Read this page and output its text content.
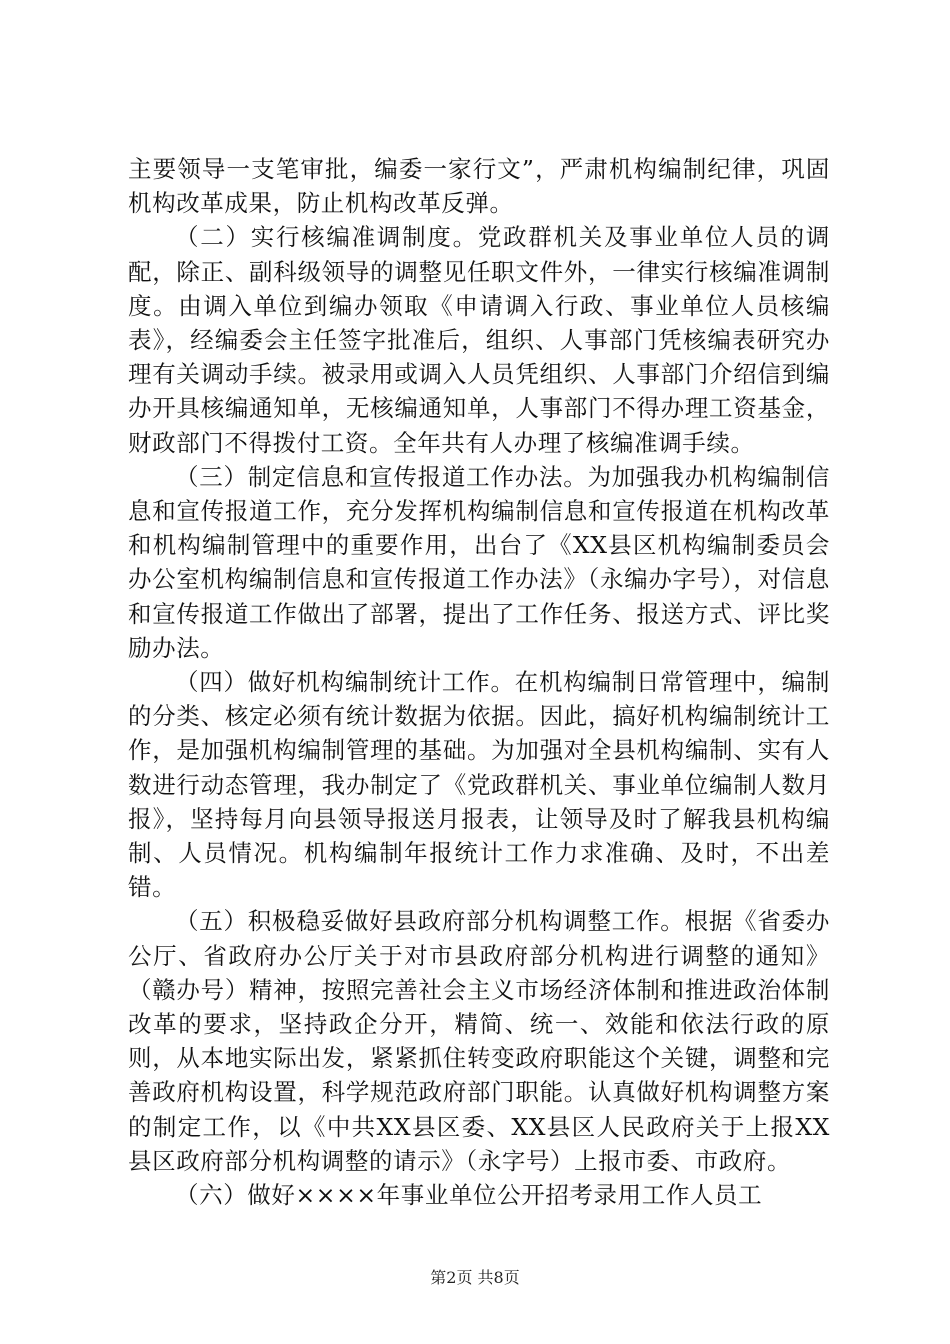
主要领导一支笔审批，编委一家行文”，严肃机构编制纪律，巩固机构改革成果，防止机构改革反弹。

（二）实行核编准调制度。党政群机关及事业单位人员的调配，除正、副科级领导的调整见任职文件外，一律实行核编准调制度。由调入单位到编办领取《申请调入行政、事业单位人员核编表》，经编委会主任签字批准后，组织、人事部门凭核编表研究办理有关调动手续。被录用或调入人员凭组织、人事部门介绍信到编办开具核编通知单，无核编通知单，人事部门不得办理工资基金，财政部门不得拨付工资。全年共有人办理了核编准调手续。

（三）制定信息和宣传报道工作办法。为加强我办机构编制信息和宣传报道工作，充分发挥机构编制信息和宣传报道在机构改革和机构编制管理中的重要作用，出台了《XX县区机构编制委员会办公室机构编制信息和宣传报道工作办法》（永编办字号），对信息和宣传报道工作做出了部署，提出了工作任务、报送方式、评比奖励办法。

（四）做好机构编制统计工作。在机构编制日常管理中，编制的分类、核定必须有统计数据为依据。因此，搞好机构编制统计工作，是加强机构编制管理的基础。为加强对全县机构编制、实有人数进行动态管理，我办制定了《党政群机关、事业单位编制人数月报》，坚持每月向县领导报送月报表，让领导及时了解我县机构编制、人员情况。机构编制年报统计工作力求准确、及时，不出差错。

（五）积极稳妥做好县政府部分机构调整工作。根据《省委办公厅、省政府办公厅关于对市县政府部分机构进行调整的通知》（赣办号）精神，按照完善社会主义市场经济体制和推进政治体制改革的要求，坚持政企分开，精简、统一、效能和依法行政的原则，从本地实际出发，紧紧抓住转变政府职能这个关键，调整和完善政府机构设置，科学规范政府部门职能。认真做好机构调整方案的制定工作，以《中共XX县区委、XX县区人民政府关于上报XX县区政府部分机构调整的请示》（永字号）上报市委、市政府。

（六）做好××××年事业单位公开招考录用工作人员工

第2页 共8页
